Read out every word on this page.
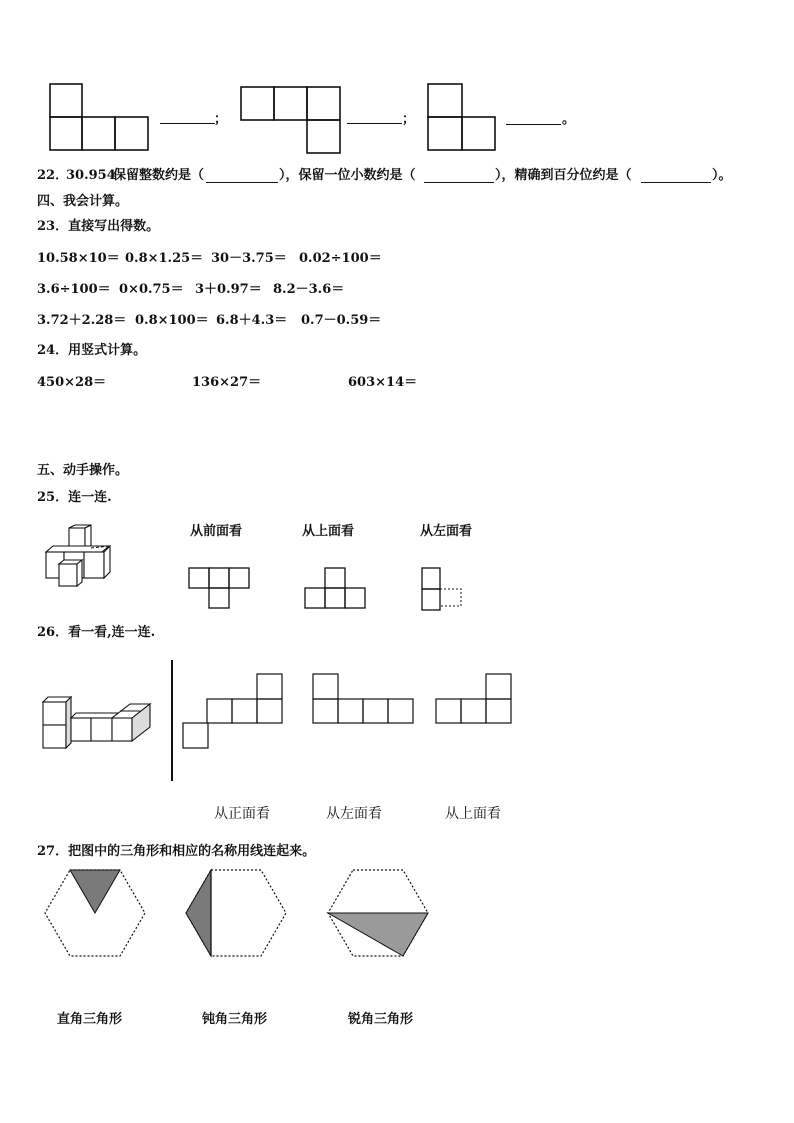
；	；	。
22．
30.954
保留整数约是（	），保留一位小数约是（	），精确到百分位约是（	）。
四、我会计算。
23．直接写出得数。
10.58×10＝ 0.8×1.25＝ 30－3.75＝ 0.02÷100＝
3.6÷100＝ 0×0.75＝ 3＋0.97＝ 8.2－3.6＝
3.72＋2.28＝ 0.8×100＝ 6.8＋4.3＝ 0.7－0.59＝
24．用竖式计算。
450×28＝	136×27＝	603×14＝
五、动手操作。
25．连一连.
从前面看	从上面看	从左面看
26．看一看,连一连.
从正面看	从左面看	从上面看
27．把图中的三角形和相应的名称用线连起来。
直角三角形	钝角三角形	锐角三角形
